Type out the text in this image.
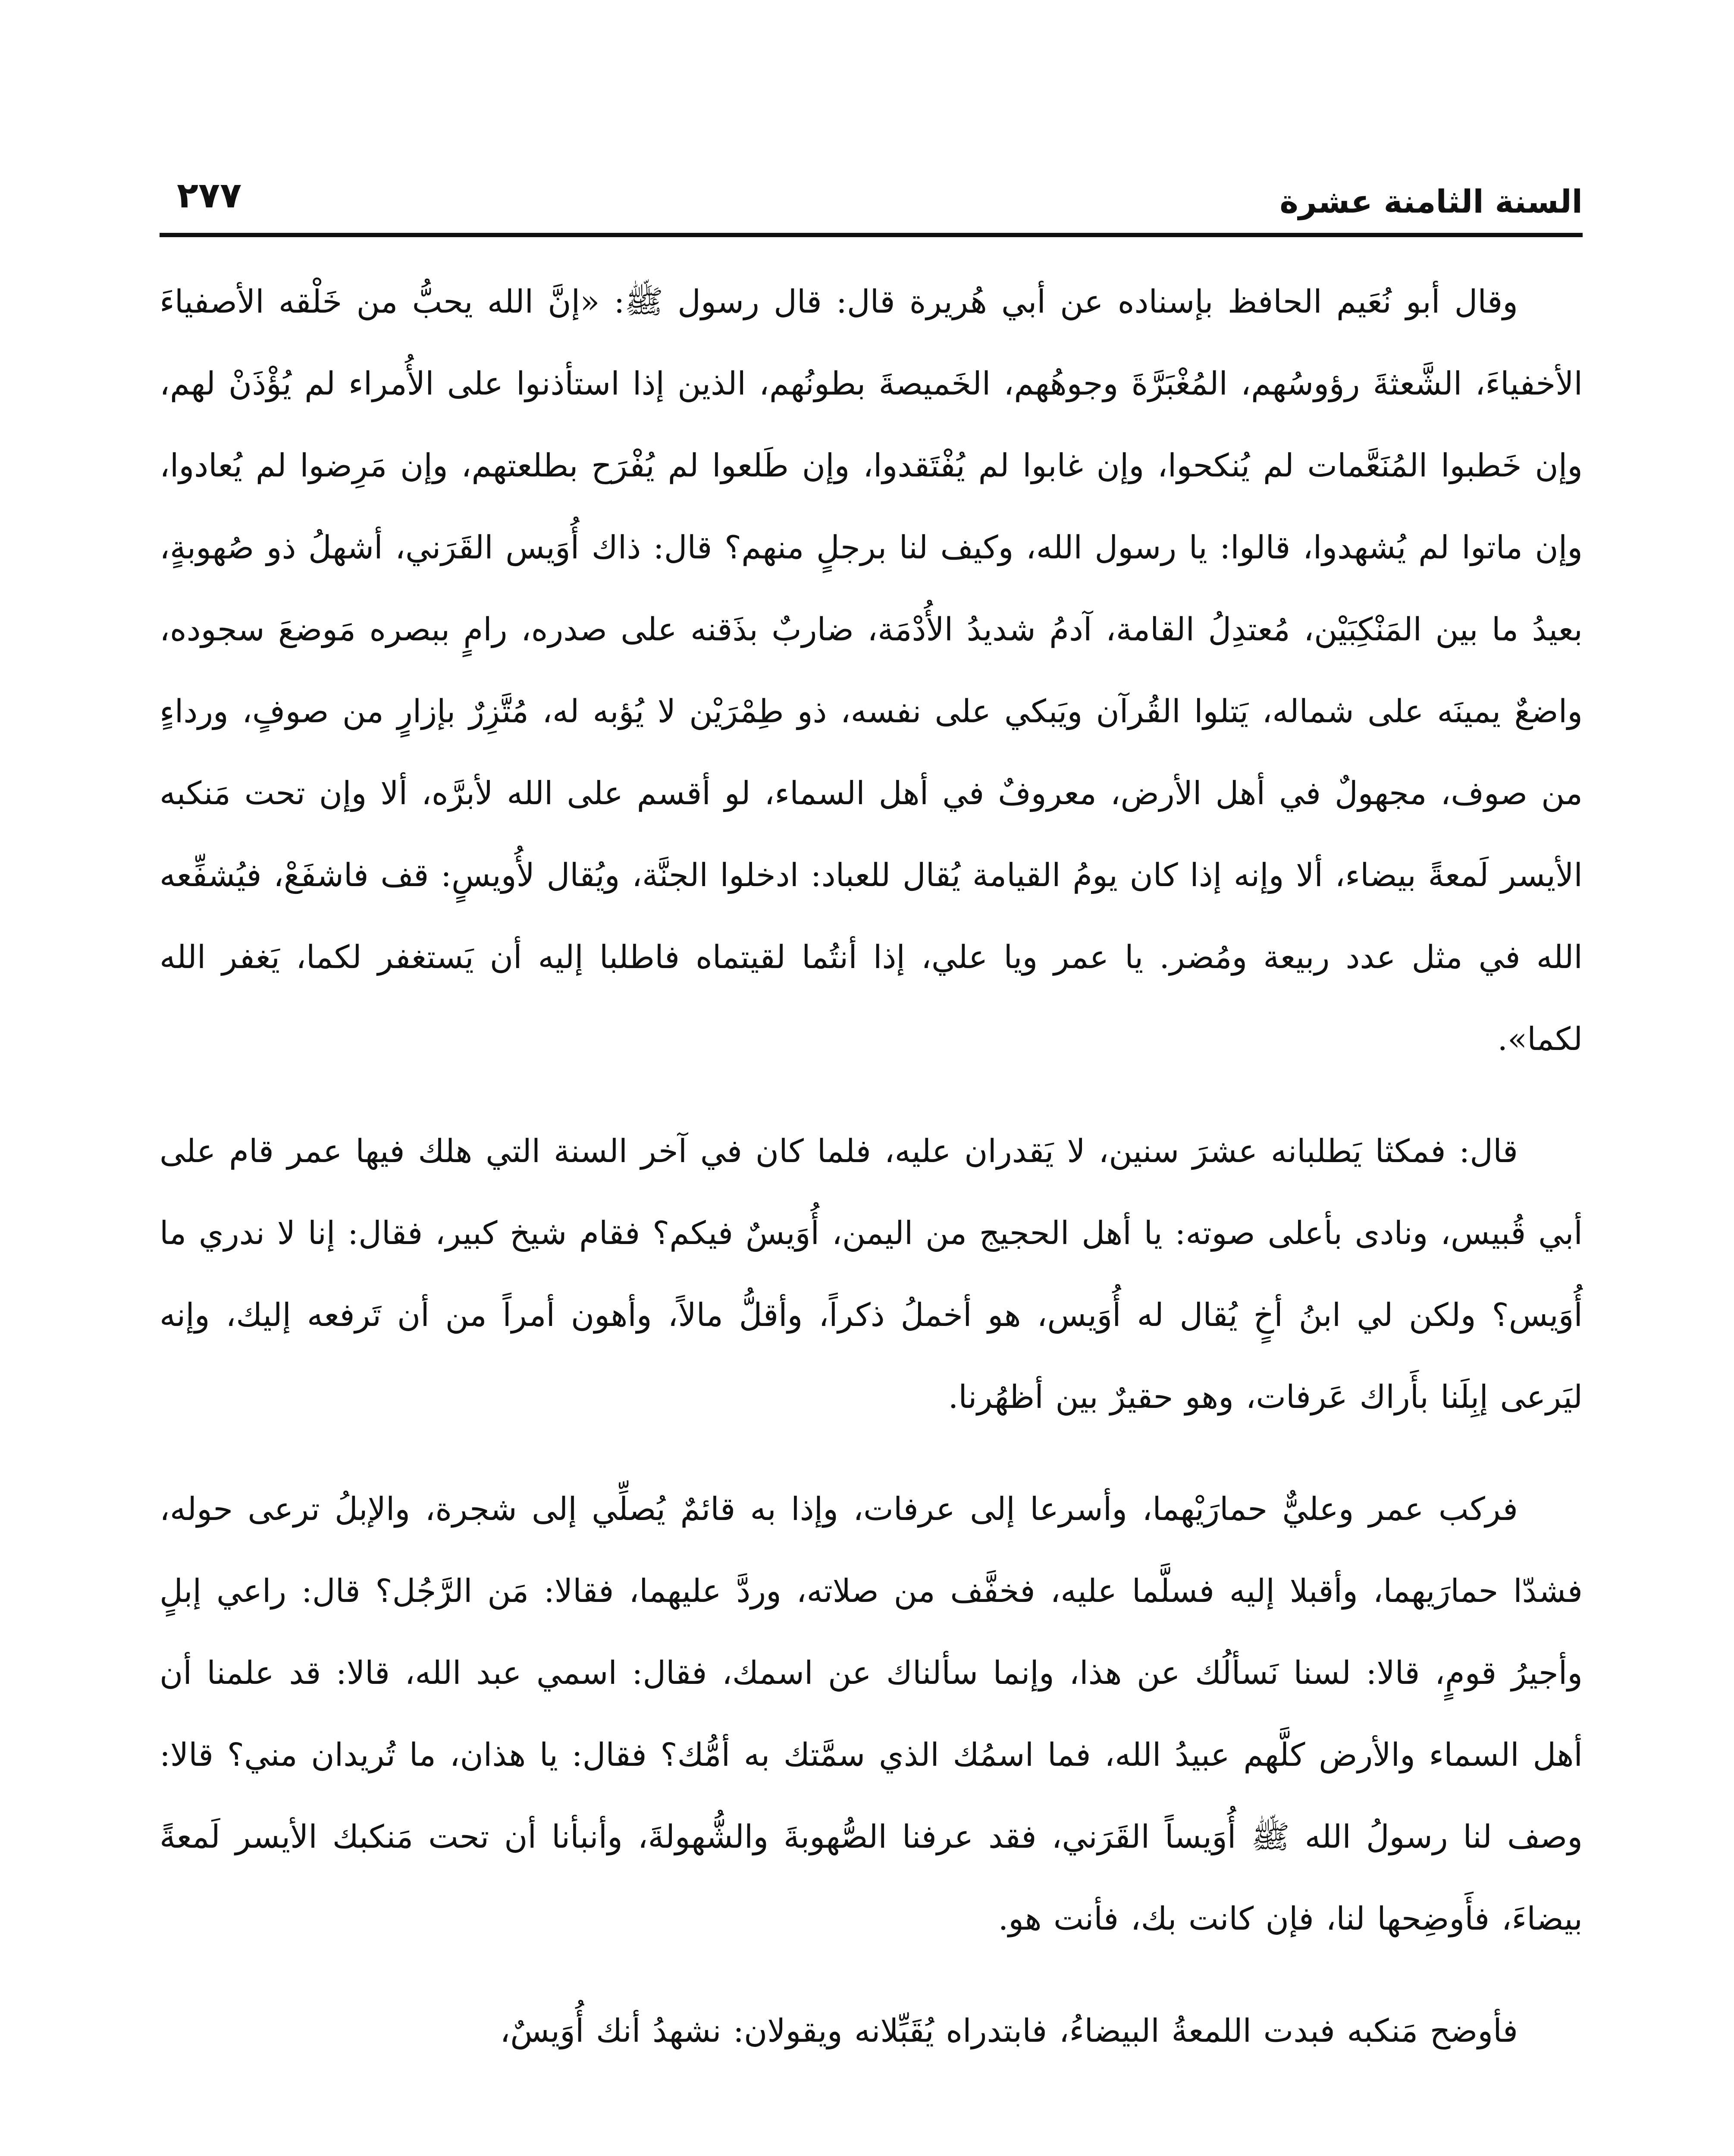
السنة الثامنة عشرة
٢٧٧

وقال أبو نُعَيم الحافظ بإسناده عن أبي هُريرة قال: قال رسول ﷺ: «إنَّ الله يحبُّ من خَلْقه الأصفياءَ الأخفياءَ، الشَّعثةَ رؤوسُهم، المُغْبَرَّةَ وجوهُهم، الخَميصةَ بطونُهم، الذين إذا استأذنوا على الأُمراء لم يُؤْذَنْ لهم، وإن خَطبوا المُنَعَّمات لم يُنكحوا، وإن غابوا لم يُفْتَقدوا، وإن طَلعوا لم يُفْرَح بطلعتهم، وإن مَرِضوا لم يُعادوا، وإن ماتوا لم يُشهدوا، قالوا: يا رسول الله، وكيف لنا برجلٍ منهم؟ قال: ذاك أُوَيس القَرَني، أشهلُ ذو صُهوبةٍ، بعيدُ ما بين المَنْكِبَيْن، مُعتدِلُ القامة، آدمُ شديدُ الأُدْمَة، ضاربٌ بذَقنه على صدره، رامٍ ببصره مَوضعَ سجوده، واضعٌ يمينَه على شماله، يَتلوا القُرآن ويَبكي على نفسه، ذو طِمْرَيْن لا يُؤبه له، مُتَّزِرٌ بإزارٍ من صوفٍ، ورداءٍ من صوف، مجهولٌ في أهل الأرض، معروفٌ في أهل السماء، لو أقسم على الله لأبرَّه، ألا وإن تحت مَنكبه الأيسر لَمعةً بيضاء، ألا وإنه إذا كان يومُ القيامة يُقال للعباد: ادخلوا الجنَّة، ويُقال لأُويسٍ: قف فاشفَعْ، فيُشفِّعه الله في مثل عدد ربيعة ومُضر. يا عمر ويا علي، إذا أنتُما لقيتماه فاطلبا إليه أن يَستغفر لكما، يَغفر الله لكما».

قال: فمكثا يَطلبانه عشرَ سنين، لا يَقدران عليه، فلما كان في آخر السنة التي هلك فيها عمر قام على أبي قُبيس، ونادى بأعلى صوته: يا أهل الحجيج من اليمن، أُوَيسٌ فيكم؟ فقام شيخ كبير، فقال: إنا لا ندري ما أُوَيس؟ ولكن لي ابنُ أخٍ يُقال له أُوَيس، هو أخملُ ذكراً، وأقلُّ مالاً، وأهون أمراً من أن تَرفعه إليك، وإنه ليَرعى إبِلَنا بأَراك عَرفات، وهو حقيرٌ بين أظهُرنا.

فركب عمر وعليٌّ حمارَيْهما، وأسرعا إلى عرفات، وإذا به قائمٌ يُصلِّي إلى شجرة، والإبلُ ترعى حوله، فشدّا حمارَيهما، وأقبلا إليه فسلَّما عليه، فخفَّف من صلاته، وردَّ عليهما، فقالا: مَن الرَّجُل؟ قال: راعي إبلٍ وأجيرُ قومٍ، قالا: لسنا نَسألُك عن هذا، وإنما سألناك عن اسمك، فقال: اسمي عبد الله، قالا: قد علمنا أن أهل السماء والأرض كلَّهم عبيدُ الله، فما اسمُك الذي سمَّتك به أمُّك؟ فقال: يا هذان، ما تُريدان مني؟ قالا: وصف لنا رسولُ الله ﷺ أُوَيساً القَرَني، فقد عرفنا الصُّهوبةَ والشُّهولةَ، وأنبأنا أن تحت مَنكبك الأيسر لَمعةً بيضاءَ، فأَوضِحها لنا، فإن كانت بك، فأنت هو.

فأوضح مَنكبه فبدت اللمعةُ البيضاءُ، فابتدراه يُقَبِّلانه ويقولان: نشهدُ أنك أُوَيسٌ،
